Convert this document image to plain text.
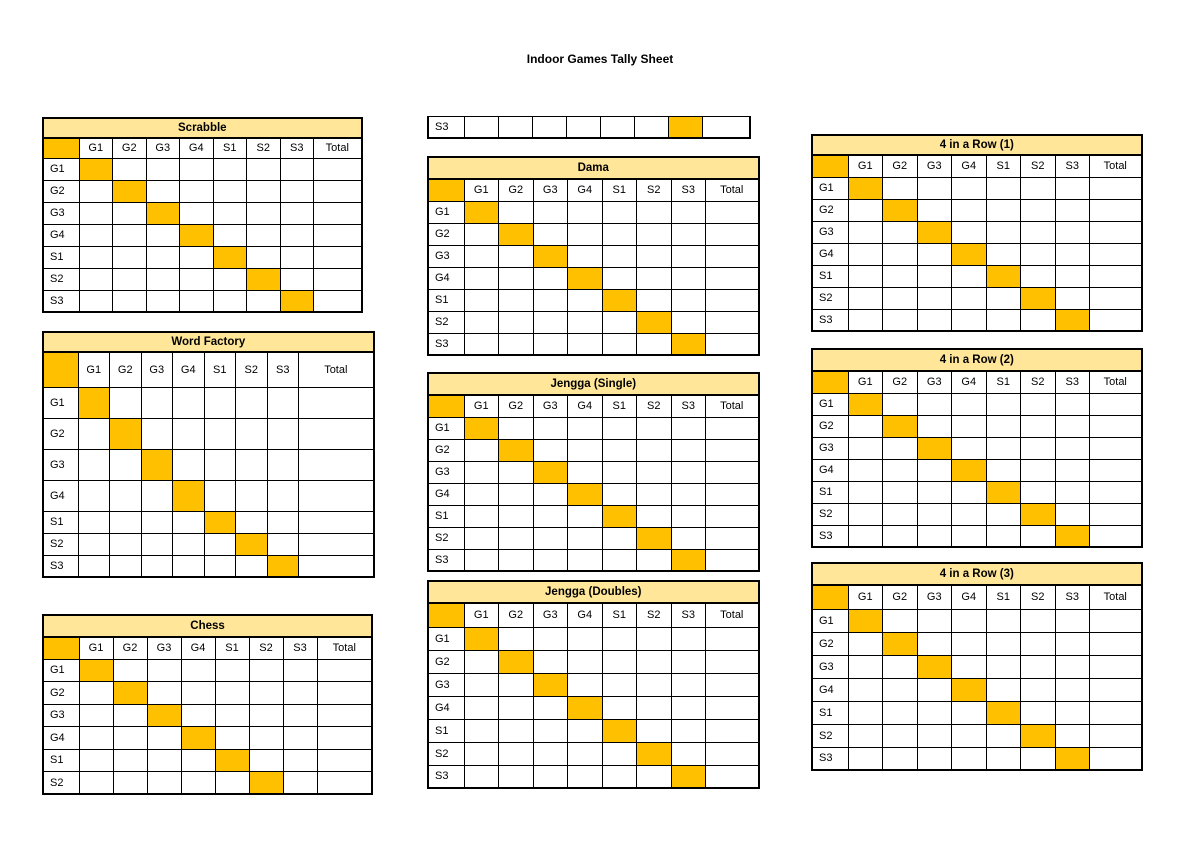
Indoor Games Tally Sheet
Scrabble								
	G1	G2	G3	G4	S1	S2	S3	Total
G1								
G2								
G3								
G4								
S1								
S2								
S3								
Word Factory								
	G1	G2	G3	G4	S1	S2	S3	Total
G1								
G2								
G3								
G4								
S1								
S2								
S3								
Chess								
	G1	G2	G3	G4	S1	S2	S3	Total
G1								
G2								
G3								
G4								
S1								
S2								
S3								
Dama								
	G1	G2	G3	G4	S1	S2	S3	Total
G1								
G2								
G3								
G4								
S1								
S2								
S3								
Jengga (Single)								
	G1	G2	G3	G4	S1	S2	S3	Total
G1								
G2								
G3								
G4								
S1								
S2								
S3								
Jengga (Doubles)								
	G1	G2	G3	G4	S1	S2	S3	Total
G1								
G2								
G3								
G4								
S1								
S2								
S3								
4 in a Row (1)								
	G1	G2	G3	G4	S1	S2	S3	Total
G1								
G2								
G3								
G4								
S1								
S2								
S3								
4 in a Row (2)								
	G1	G2	G3	G4	S1	S2	S3	Total
G1								
G2								
G3								
G4								
S1								
S2								
S3								
4 in a Row (3)								
	G1	G2	G3	G4	S1	S2	S3	Total
G1								
G2								
G3								
G4								
S1								
S2								
S3								
